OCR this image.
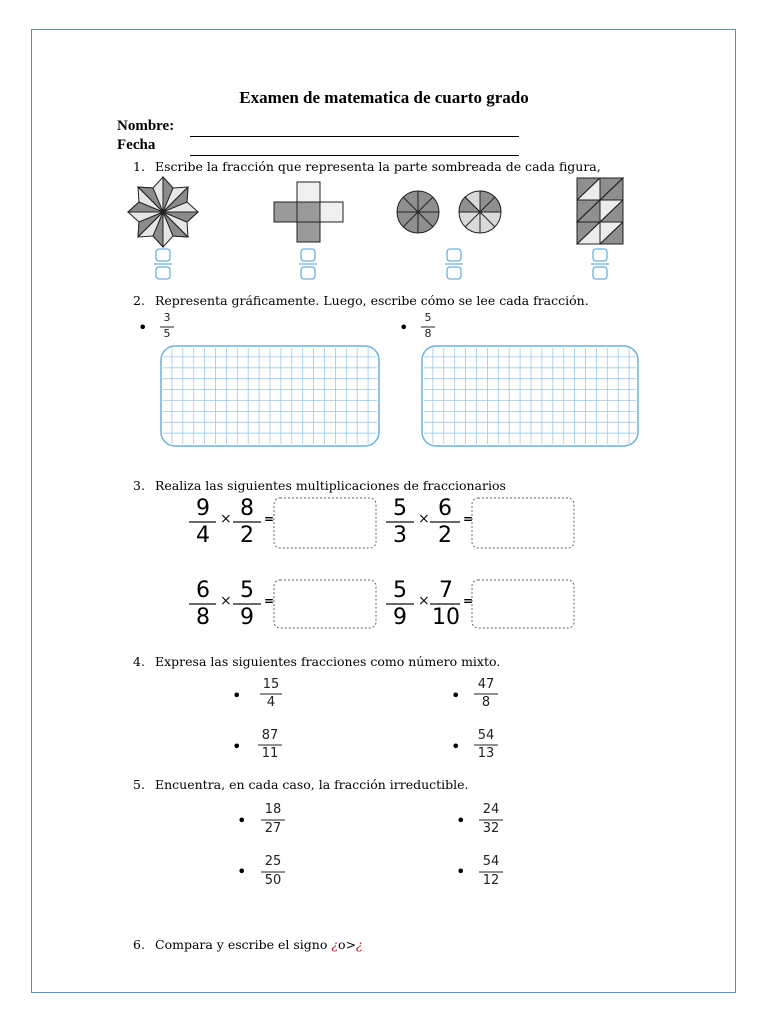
Examen de matematica de cuarto grado
Nombre:
Fecha
1. Escribe la fracción que representa la parte sombreada de cada figura,
2. Representa gráficamente. Luego, escribe cómo se lee cada fracción.
•
3
5	•
5
8
3. Realiza las siguientes multiplicaciones de fraccionarios
9
4
× 8
2
=	5
3
× 6
2
=
6
8
× 5
9
=	5
9
× 7
10
=
4. Expresa las siguientes fracciones como número mixto.
•
15
4	•
47
8
•
87
11	•
54
13
5. Encuentra, en cada caso, la fracción irreductible.
•
18
27	•
24
32
•
25
50	•
54
12
6. Compara y escribe el signo ¿o>¿
